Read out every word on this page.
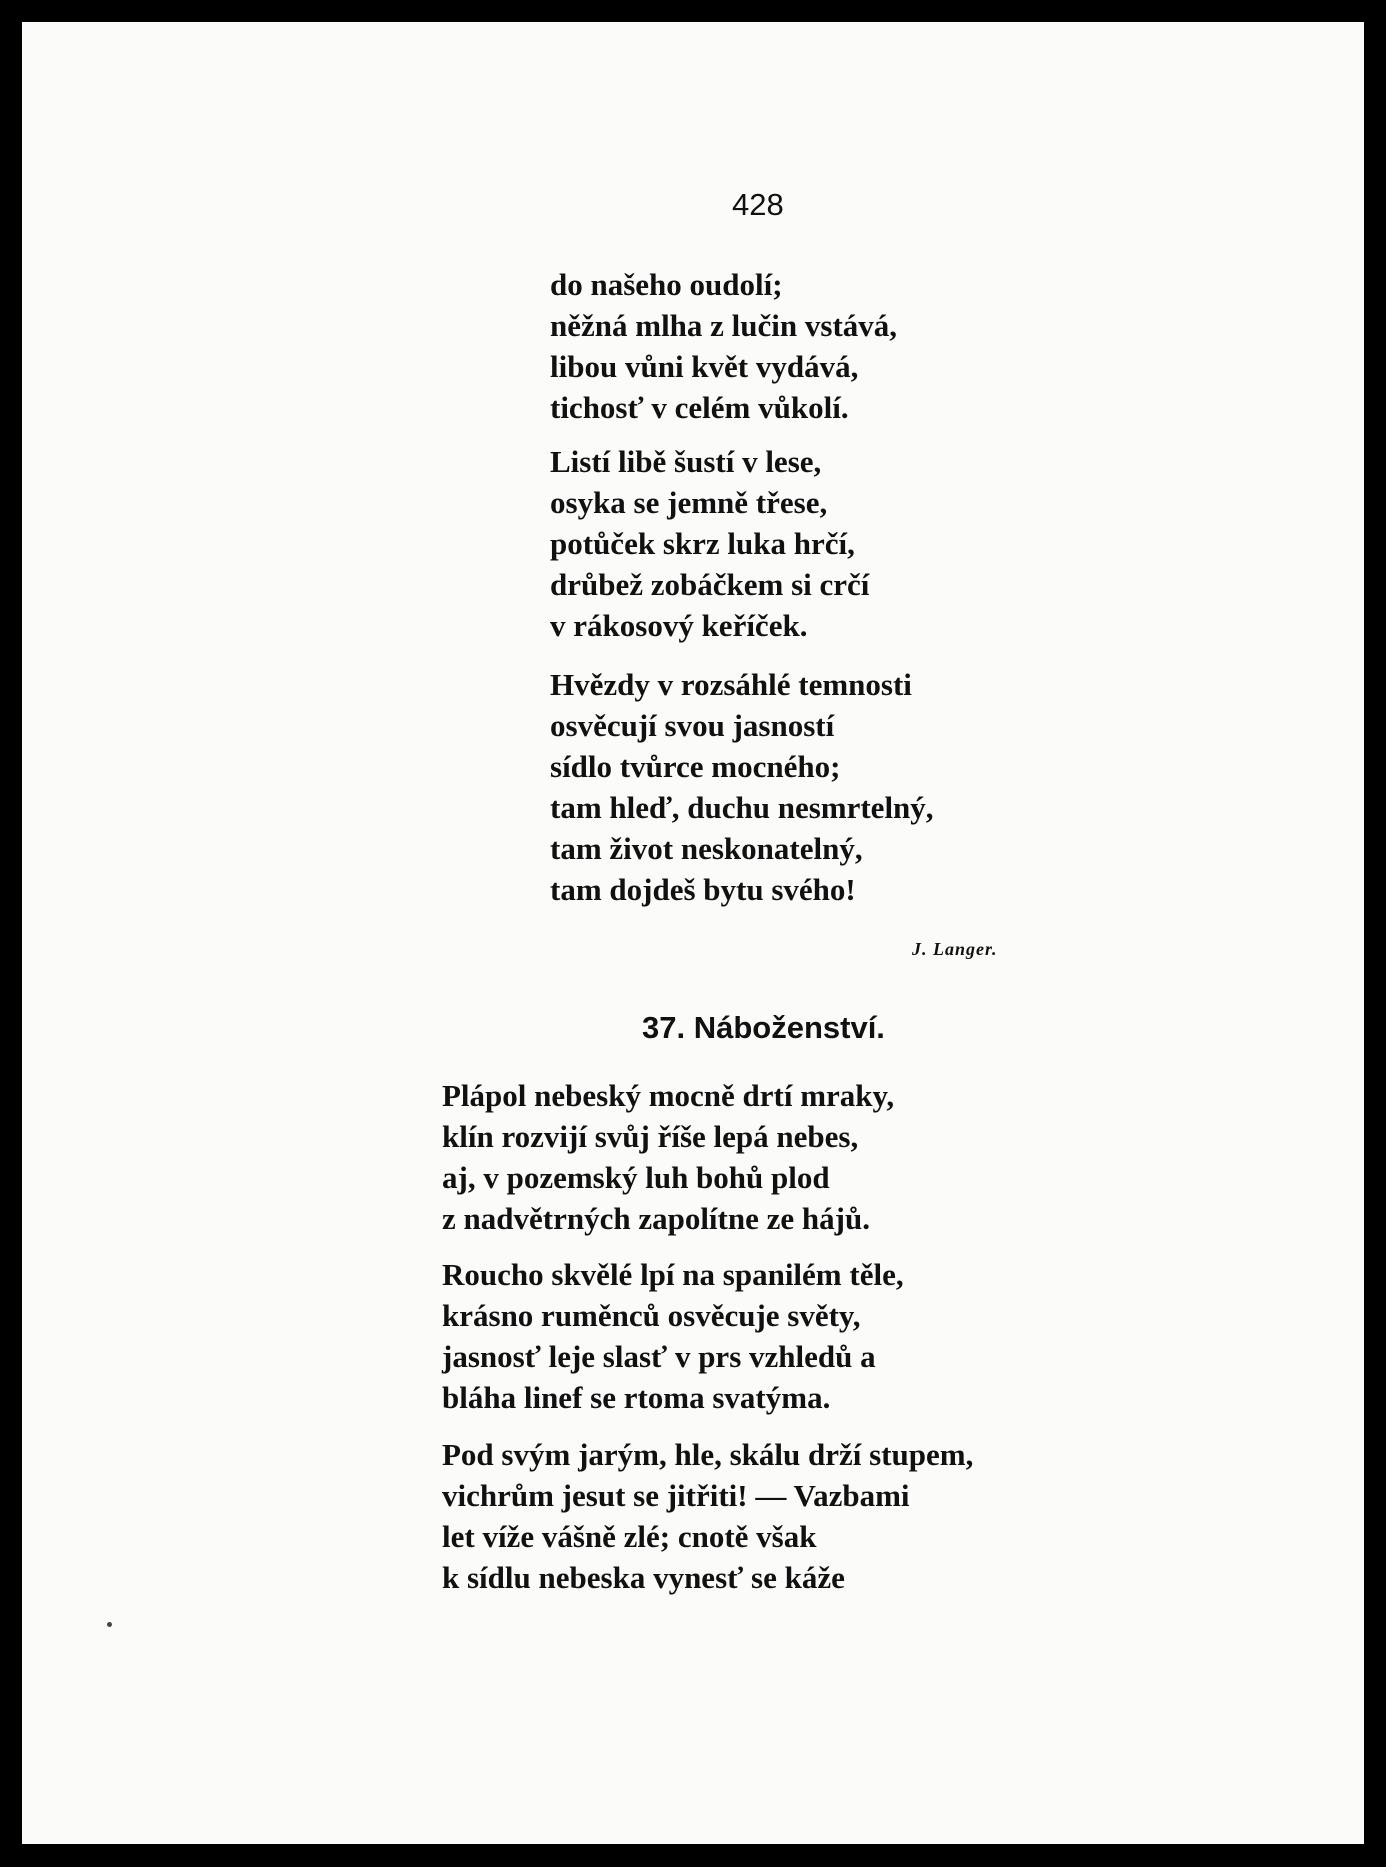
428
do našeho oudolí;
něžná mlha z lučin vstává,
libou vůni květ vydává,
tichosť v celém vůkolí.
Listí libě šustí v lese,
osyka se jemně třese,
potůček skrz luka hrčí,
drůbež zobáčkem si crčí
v rákosový keříček.
Hvězdy v rozsáhlé temnosti
osvěcují svou jasností
sídlo tvůrce mocného;
tam hleď, duchu nesmrtelný,
tam život neskonatelný,
tam dojdeš bytu svého!
J. Langer.
37. Náboženství.
Plápol nebeský mocně drtí mraky,
klín rozvijí svůj říše lepá nebes,
aj, v pozemský luh bohů plod
z nadvětrných zapolítne ze hájů.
Roucho skvělé lpí na spanilém těle,
krásno ruměnců osvěcuje světy,
jasnosť leje slasť v prs vzhledů a
bláha linef se rtoma svatýma.
Pod svým jarým, hle, skálu drží stupem,
vichrům jesut se jitřiti! — Vazbami
let víže vášně zlé; cnotě však
k sídlu nebeska vynesť se káže
